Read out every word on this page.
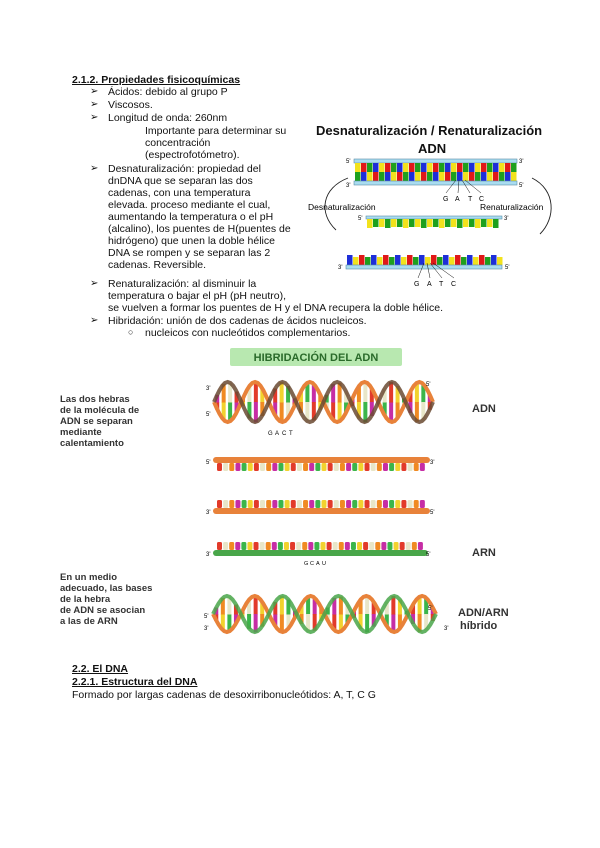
2.1.2. Propiedades fisicoquímicas
➢ Ácidos: debido al grupo P
➢ Viscosos.
➢ Longitud de onda: 260nm
Importante para determinar su
concentración
(espectrofotómetro).
➢ Desnaturalización: propiedad del
dnDNA que se separan las dos
cadenas, con una temperatura
elevada. proceso mediante el cual,
aumentando la temperatura o el pH
(alcalino), los puentes de H(puentes de
hidrógeno) que unen la doble hélice
DNA se rompen y se separan las 2
cadenas. Reversible.
➢ Renaturalización: al disminuir la
temperatura o bajar el pH (pH neutro),
se vuelven a formar los puentes de H y el DNA recupera la doble hélice.
➢ Hibridación: unión de dos cadenas de ácidos nucleicos.
○ nucleicos con nucleótidos complementarios.
Desnaturalización / Renaturalización
ADN
5'	3'
3'	5'
G A T C
Desnaturalización	Renaturalización
5'	3'
3'	5'
G A T C
HIBRIDACIÓN DEL ADN
Las dos hebras
de la molécula de
ADN se separan
mediante
calentamiento
En un medio
adecuado, las bases
de la hebra
de ADN se asocian
a las de ARN
ADN
ARN
ADN/ARN
híbrido
3'
5'
5'
G A C T
5'	3'
3'	5'
3'	5'
G C A U
5'
3'
5'
3'
2.2. El DNA
2.2.1. Estructura del DNA
Formado por largas cadenas de desoxirribonucleótidos: A, T, C G
